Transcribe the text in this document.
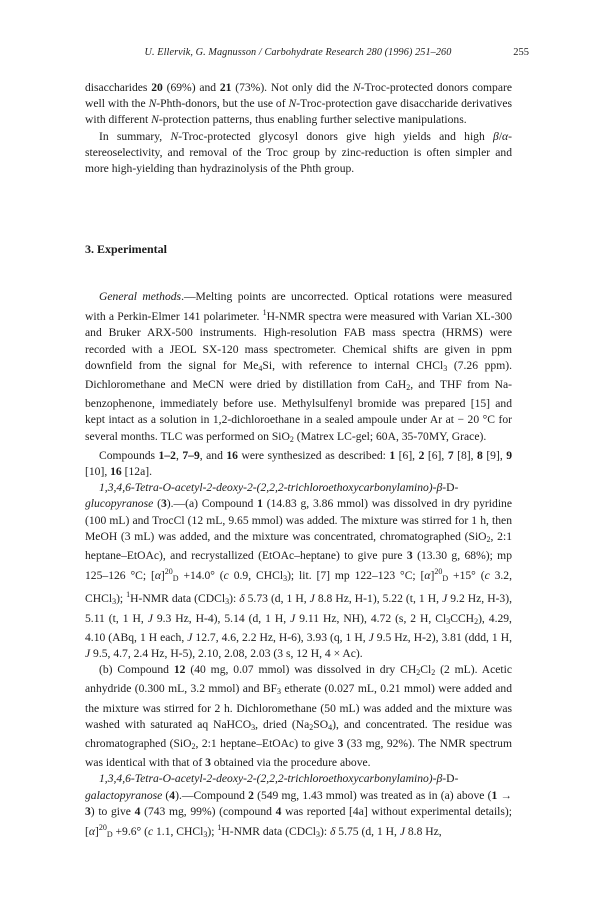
U. Ellervik, G. Magnusson / Carbohydrate Research 280 (1996) 251–260	255

disaccharides 20 (69%) and 21 (73%). Not only did the N-Troc-protected donors compare well with the N-Phth-donors, but the use of N-Troc-protection gave disaccharide derivatives with different N-protection patterns, thus enabling further selective manipulations.

In summary, N-Troc-protected glycosyl donors give high yields and high β/α-stereoselectivity, and removal of the Troc group by zinc-reduction is often simpler and more high-yielding than hydrazinolysis of the Phth group.

3. Experimental

General methods.—Melting points are uncorrected. Optical rotations were measured with a Perkin-Elmer 141 polarimeter. $^1$H-NMR spectra were measured with Varian XL-300 and Bruker ARX-500 instruments. High-resolution FAB mass spectra (HRMS) were recorded with a JEOL SX-120 mass spectrometer. Chemical shifts are given in ppm downfield from the signal for $Me_4Si$, with reference to internal CHCl$_3$ (7.26 ppm). Dichloromethane and MeCN were dried by distillation from CaH$_2$, and THF from Na-benzophenone, immediately before use. Methylsulfenyl bromide was prepared [15] and kept intact as a solution in 1,2-dichloroethane in a sealed ampoule under Ar at − 20 °C for several months. TLC was performed on SiO$_2$ (Matrex LC-gel; 60A, 35-70MY, Grace).

Compounds 1–2, 7–9, and 16 were synthesized as described: 1 [6], 2 [6], 7 [8], 8 [9], 9 [10], 16 [12a].

1,3,4,6-Tetra-O-acetyl-2-deoxy-2-(2,2,2-trichloroethoxycarbonylamino)-β-D-glucopyranose (3).—(a) Compound 1 (14.83 g, 3.86 mmol) was dissolved in dry pyridine (100 mL) and TrocCl (12 mL, 9.65 mmol) was added. The mixture was stirred for 1 h, then MeOH (3 mL) was added, and the mixture was concentrated, chromatographed (SiO$_2$, 2:1 heptane–EtOAc), and recrystallized (EtOAc–heptane) to give pure 3 (13.30 g, 68%); mp 125–126 °C; $[\alpha]^{20}_D +14.0^\circ$ (c 0.9, CHCl$_3$); lit. [7] mp 122–123 °C; $[\alpha]^{20}_D +15^\circ$ (c 3.2, CHCl$_3$); $^1$H-NMR data (CDCl$_3$): δ 5.73 (d, 1 H, J 8.8 Hz, H-1), 5.22 (t, 1 H, J 9.2 Hz, H-3), 5.11 (t, 1 H, J 9.3 Hz, H-4), 5.14 (d, 1 H, J 9.11 Hz, NH), 4.72 (s, 2 H, $Cl_3CCH_2$), 4.29, 4.10 (ABq, 1 H each, J 12.7, 4.6, 2.2 Hz, H-6), 3.93 (q, 1 H, J 9.5 Hz, H-2), 3.81 (ddd, 1 H, J 9.5, 4.7, 2.4 Hz, H-5), 2.10, 2.08, 2.03 (3 s, 12 H, 4 × Ac).

(b) Compound 12 (40 mg, 0.07 mmol) was dissolved in dry $CH_2Cl_2$ (2 mL). Acetic anhydride (0.300 mL, 3.2 mmol) and $BF_3$ etherate (0.027 mL, 0.21 mmol) were added and the mixture was stirred for 2 h. Dichloromethane (50 mL) was added and the mixture was washed with saturated aq NaHCO$_3$, dried $(Na_2SO_4)$, and concentrated. The residue was chromatographed (SiO$_2$, 2:1 heptane–EtOAc) to give 3 (33 mg, 92%). The NMR spectrum was identical with that of 3 obtained via the procedure above.

1,3,4,6-Tetra-O-acetyl-2-deoxy-2-(2,2,2-trichloroethoxycarbonylamino)-β-D-galactopyranose (4).—Compound 2 (549 mg, 1.43 mmol) was treated as in (a) above (1 → 3) to give 4 (743 mg, 99%) (compound 4 was reported [4a] without experimental details); $[\alpha]^{20}_D +9.6^\circ$ (c 1.1, CHCl$_3$); $^1$H-NMR data (CDCl$_3$): δ 5.75 (d, 1 H, J 8.8 Hz,
